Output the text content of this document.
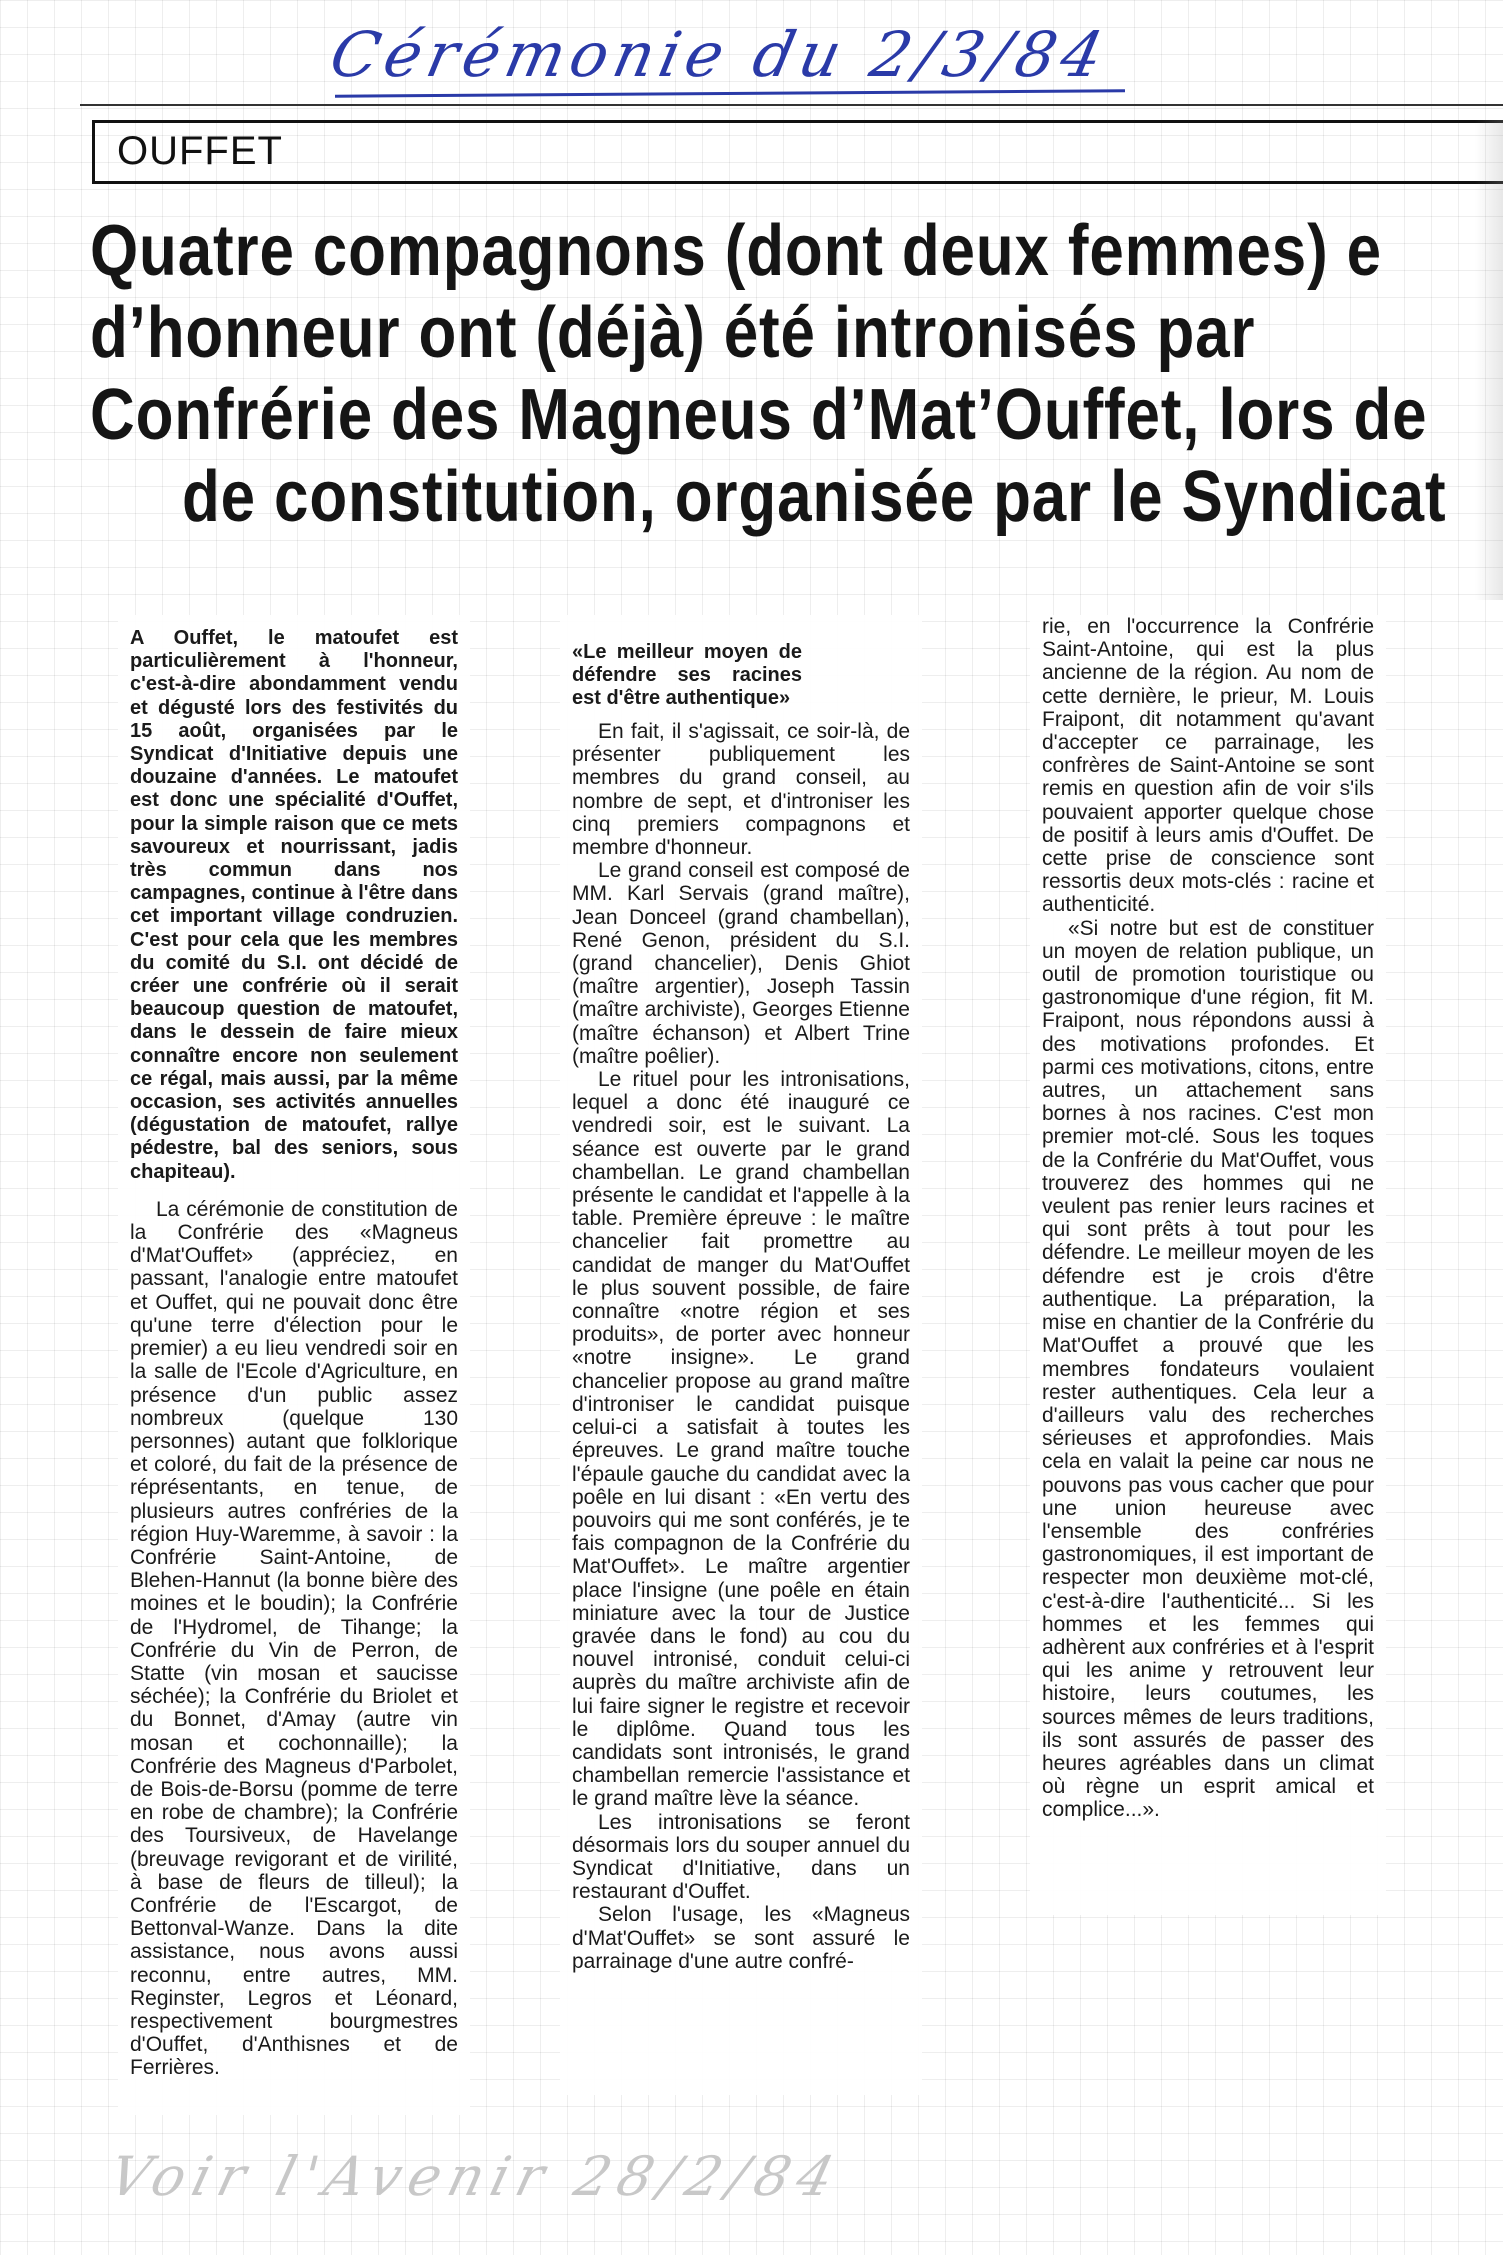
Cérémonie du 2/3/84
OUFFET
Quatre compagnons (dont deux femmes) e
d’honneur ont (déjà) été intronisés par
Confrérie des Magneus d’Mat’Ouffet, lors de
de constitution, organisée par le Syndicat

A Ouffet, le matoufet est particulièrement à l'honneur, c'est-à-dire abondamment vendu et dégusté lors des festivités du 15 août, organisées par le Syndicat d'Initiative depuis une douzaine d'années. Le matoufet est donc une spécialité d'Ouffet, pour la simple raison que ce mets savoureux et nourrissant, jadis très commun dans nos campagnes, continue à l'être dans cet important village condruzien. C'est pour cela que les membres du comité du S.I. ont décidé de créer une confrérie où il serait beaucoup question de matoufet, dans le dessein de faire mieux connaître encore non seulement ce régal, mais aussi, par la même occasion, ses activités annuelles (dégustation de matoufet, rallye pédestre, bal des seniors, sous chapiteau).

La cérémonie de constitution de la Confrérie des «Magneus d'Mat'Ouffet» (appréciez, en passant, l'analogie entre matoufet et Ouffet, qui ne pouvait donc être qu'une terre d'élection pour le premier) a eu lieu vendredi soir en la salle de l'Ecole d'Agriculture, en présence d'un public assez nombreux (quelque 130 personnes) autant que folklorique et coloré, du fait de la présence de réprésentants, en tenue, de plusieurs autres confréries de la région Huy-Waremme, à savoir : la Confrérie Saint-Antoine, de Blehen-Hannut (la bonne bière des moines et le boudin); la Confrérie de l'Hydromel, de Tihange; la Confrérie du Vin de Perron, de Statte (vin mosan et saucisse séchée); la Confrérie du Briolet et du Bonnet, d'Amay (autre vin mosan et cochonnaille); la Confrérie des Magneus d'Parbolet, de Bois-de-Borsu (pomme de terre en robe de chambre); la Confrérie des Toursiveux, de Havelange (breuvage revigorant et de virilité, à base de fleurs de tilleul); la Confrérie de l'Escargot, de Bettonval-Wanze. Dans la dite assistance, nous avons aussi reconnu, entre autres, MM. Reginster, Legros et Léonard, respectivement bourgmestres d'Ouffet, d'Anthisnes et de Ferrières.

«Le meilleur moyen de défendre ses racines est d'être authentique»

En fait, il s'agissait, ce soir-là, de présenter publiquement les membres du grand conseil, au nombre de sept, et d'introniser les cinq premiers compagnons et membre d'honneur.

Le grand conseil est composé de MM. Karl Servais (grand maître), Jean Donceel (grand chambellan), René Genon, président du S.I. (grand chancelier), Denis Ghiot (maître argentier), Joseph Tassin (maître archiviste), Georges Etienne (maître échanson) et Albert Trine (maître poêlier).

Le rituel pour les intronisations, lequel a donc été inauguré ce vendredi soir, est le suivant. La séance est ouverte par le grand chambellan. Le grand chambellan présente le candidat et l'appelle à la table. Première épreuve : le maître chancelier fait promettre au candidat de manger du Mat'Ouffet le plus souvent possible, de faire connaître «notre région et ses produits», de porter avec honneur «notre insigne». Le grand chancelier propose au grand maître d'introniser le candidat puisque celui-ci a satisfait à toutes les épreuves. Le grand maître touche l'épaule gauche du candidat avec la poêle en lui disant : «En vertu des pouvoirs qui me sont conférés, je te fais compagnon de la Confrérie du Mat'Ouffet». Le maître argentier place l'insigne (une poêle en étain miniature avec la tour de Justice gravée dans le fond) au cou du nouvel intronisé, conduit celui-ci auprès du maître archiviste afin de lui faire signer le registre et recevoir le diplôme. Quand tous les candidats sont intronisés, le grand chambellan remercie l'assistance et le grand maître lève la séance.

Les intronisations se feront désormais lors du souper annuel du Syndicat d'Initiative, dans un restaurant d'Ouffet.

Selon l'usage, les «Magneus d'Mat'Ouffet» se sont assuré le parrainage d'une autre confré-

rie, en l'occurrence la Confrérie Saint-Antoine, qui est la plus ancienne de la région. Au nom de cette dernière, le prieur, M. Louis Fraipont, dit notamment qu'avant d'accepter ce parrainage, les confrères de Saint-Antoine se sont remis en question afin de voir s'ils pouvaient apporter quelque chose de positif à leurs amis d'Ouffet. De cette prise de conscience sont ressortis deux mots-clés : racine et authenticité.

«Si notre but est de constituer un moyen de relation publique, un outil de promotion touristique ou gastronomique d'une région, fit M. Fraipont, nous répondons aussi à des motivations profondes. Et parmi ces motivations, citons, entre autres, un attachement sans bornes à nos racines. C'est mon premier mot-clé. Sous les toques de la Confrérie du Mat'Ouffet, vous trouverez des hommes qui ne veulent pas renier leurs racines et qui sont prêts à tout pour les défendre. Le meilleur moyen de les défendre est je crois d'être authentique. La préparation, la mise en chantier de la Confrérie du Mat'Ouffet a prouvé que les membres fondateurs voulaient rester authentiques. Cela leur a d'ailleurs valu des recherches sérieuses et approfondies. Mais cela en valait la peine car nous ne pouvons pas vous cacher que pour une union heureuse avec l'ensemble des confréries gastronomiques, il est important de respecter mon deuxième mot-clé, c'est-à-dire l'authenticité... Si les hommes et les femmes qui adhèrent aux confréries et à l'esprit qui les anime y retrouvent leur histoire, leurs coutumes, les sources mêmes de leurs traditions, ils sont assurés de passer des heures agréables dans un climat où règne un esprit amical et complice...».

Voir l'Avenir 28/2/84
